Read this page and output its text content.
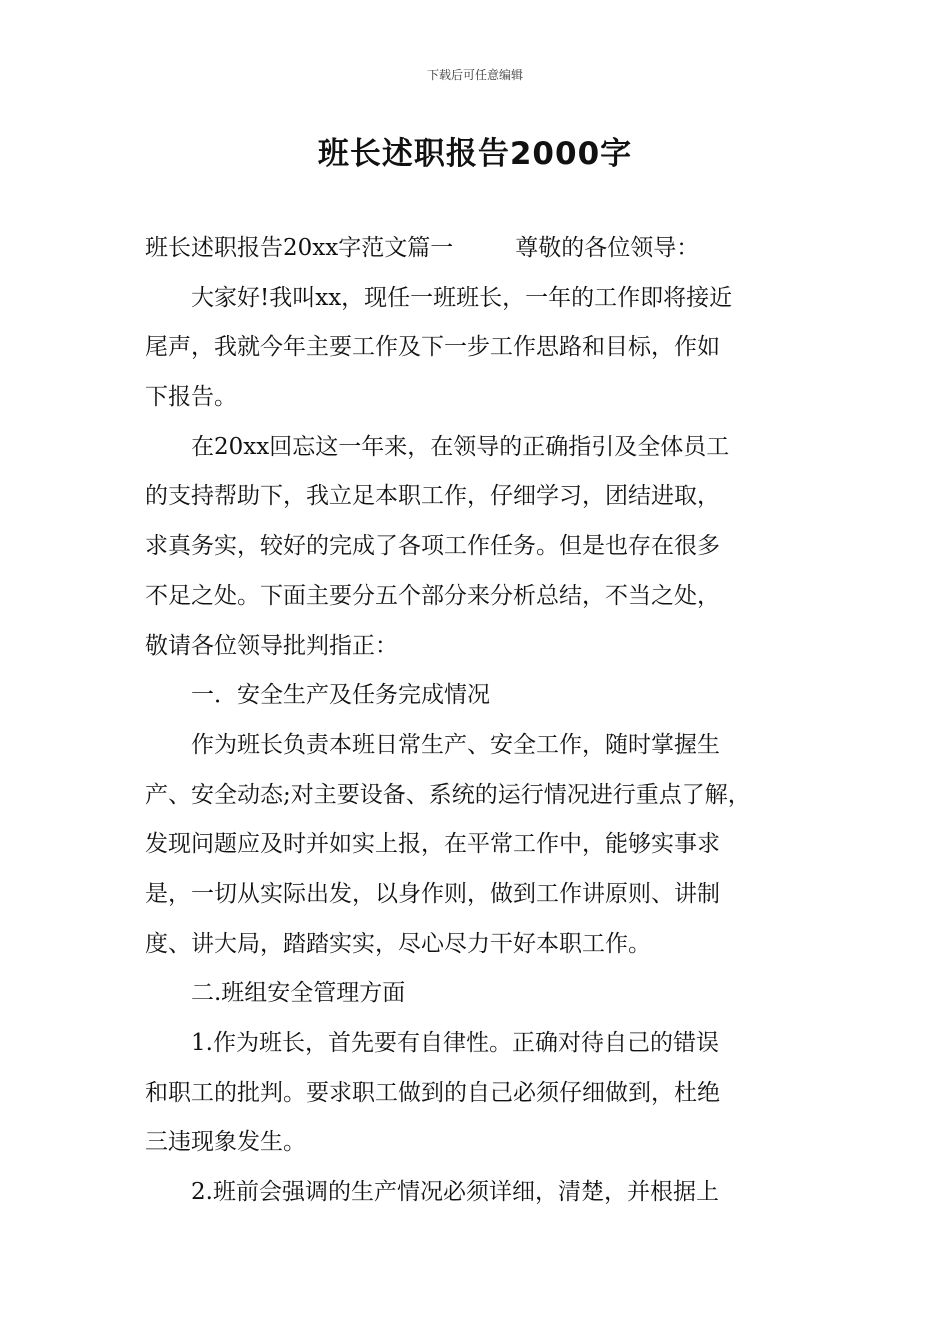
下载后可任意编辑
班长述职报告2000字
班长述职报告20xx字范文篇一	尊敬的各位领导：
　　大家好!我叫xx，现任一班班长，一年的工作即将接近
尾声，我就今年主要工作及下一步工作思路和目标，作如
下报告。
　　在20xx回忘这一年来，在领导的正确指引及全体员工
的支持帮助下，我立足本职工作，仔细学习，团结进取，
求真务实，较好的完成了各项工作任务。但是也存在很多
不足之处。下面主要分五个部分来分析总结，不当之处，
敬请各位领导批判指正：
　　一．安全生产及任务完成情况
　　作为班长负责本班日常生产、安全工作，随时掌握生
产、安全动态;对主要设备、系统的运行情况进行重点了解，
发现问题应及时并如实上报，在平常工作中，能够实事求
是，一切从实际出发，以身作则，做到工作讲原则、讲制
度、讲大局，踏踏实实，尽心尽力干好本职工作。
　　二.班组安全管理方面
　　1.作为班长，首先要有自律性。正确对待自己的错误
和职工的批判。要求职工做到的自己必须仔细做到，杜绝
三违现象发生。
　　2.班前会强调的生产情况必须详细，清楚，并根据上
